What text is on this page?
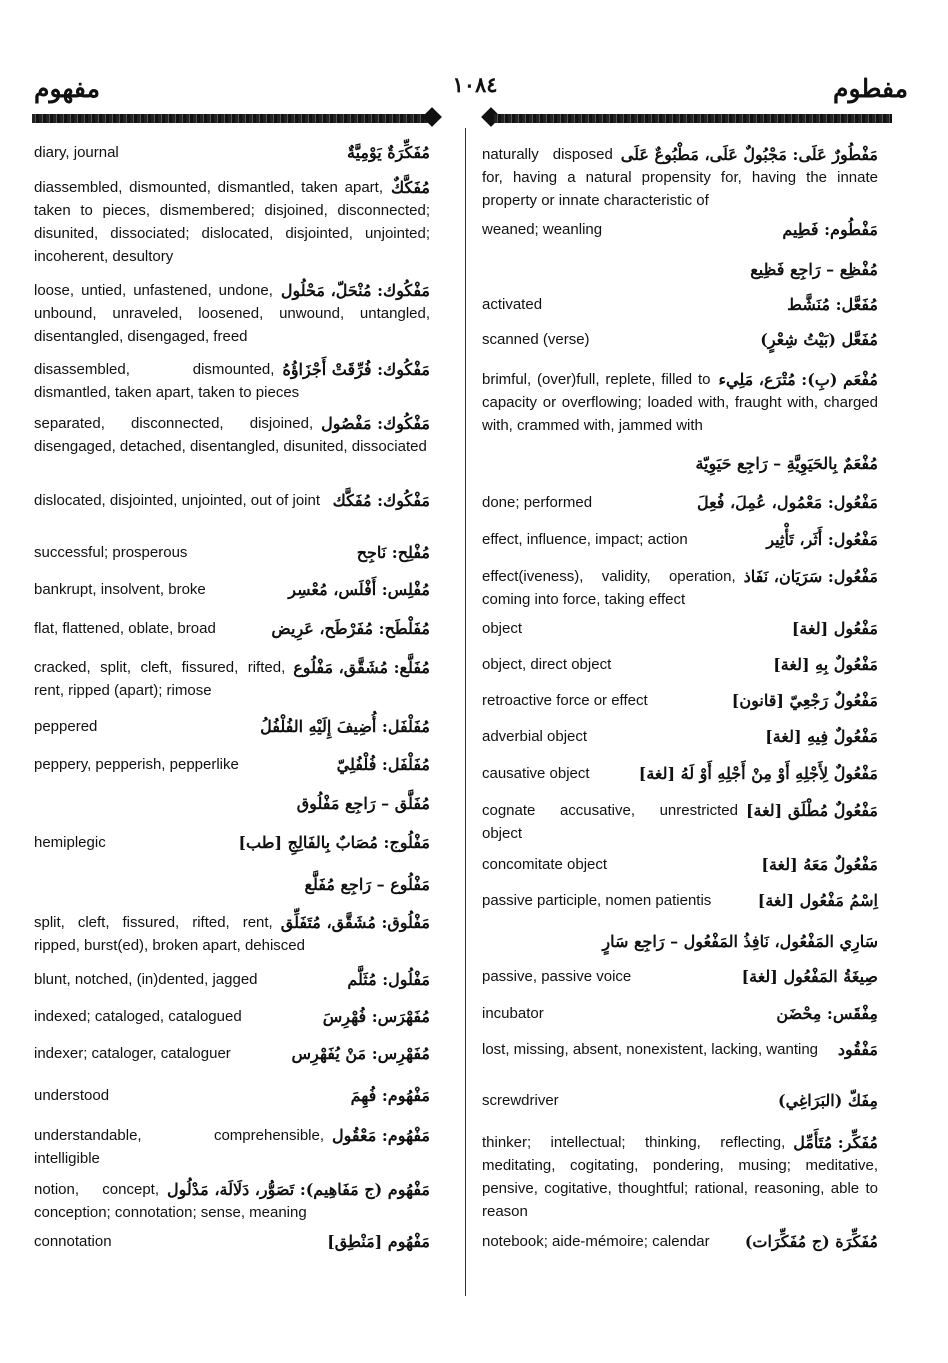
مفهوم	١٠٨٤	مفطوم
مُفَكِّرَةٌ يَوْمِيَّةٌ
diary, journal
مُفَكَّكٌ
diassembled, dismounted, dismantled, taken apart, taken to pieces, dismembered; disjoined, disconnected; disunited, dissociated; dislocated, disjointed, unjointed; incoherent, desultory
مَفْكُوك: مُنْحَلّ، مَحْلُول
loose, untied, unfastened, undone, unbound, unraveled, loosened, unwound, untangled, disentangled, disengaged, freed
مَفْكُوك: فُرِّقَتْ أَجْزَاؤُهُ
disassembled, dismounted, dismantled, taken apart, taken to pieces
مَفْكُوك: مَفْصُول
separated, disconnected, disjoined, disengaged, detached, disentangled, disunited, dissociated
مَفْكُوك: مُفَكَّك
dislocated, disjointed, unjointed, out of joint
مُفْلِح: نَاجِح
successful; prosperous
مُفْلِس: أَفْلَس، مُعْسِر
bankrupt, insolvent, broke
مُفَلْطَح: مُفَرْطَح، عَرِيض
flat, flattened, oblate, broad
مُفَلَّع: مُشَقَّق، مَفْلُوع
cracked, split, cleft, fissured, rifted, rent, ripped (apart); rimose
مُفَلْفَل: أُضِيفَ إِلَيْهِ الفُلْفُلُ
peppered
مُفَلْفَل: فُلْفُلِيّ
peppery, pepperish, pepperlike
مُفَلَّق – رَاجِع مَفْلُوق
مَفْلُوج: مُصَابٌ بِالفَالِجِ [طب]
hemiplegic
مَفْلُوع – رَاجِع مُفَلَّع
مَفْلُوق: مُشَقَّق، مُتَفَلِّق
split, cleft, fissured, rifted, rent, ripped, burst(ed), broken apart, dehisced
مَفْلُول: مُثَلَّم
blunt, notched, (in)dented, jagged
مُفَهْرَس: فُهْرِسَ
indexed; cataloged, catalogued
مُفَهْرِس: مَنْ يُفَهْرِس
indexer; cataloger, cataloguer
مَفْهُوم: فُهِمَ
understood
مَفْهُوم: مَعْقُول
understandable, comprehensible, intelligible
مَفْهُوم (ج مَفَاهِيم): تَصَوُّر، دَلَالَة، مَدْلُول
notion, concept, conception; connotation; sense, meaning
مَفْهُوم [مَنْطِق]
connotation
مَفْطُورٌ عَلَى: مَجْبُولٌ عَلَى، مَطْبُوعٌ عَلَى
naturally disposed for, having a natural propensity for, having the innate property or innate characteristic of
مَفْطُوم: فَطِيم
weaned; weanling
مُفْظِع – رَاجِع فَظِيع
مُفَعَّل: مُنَشَّط
activated
مُفَعَّل (بَيْتُ شِعْرٍ)
scanned (verse)
مُفْعَم (بِ): مُتْرَع، مَلِيء
brimful, (over)full, replete, filled to capacity or overflowing; loaded with, fraught with, charged with, crammed with, jammed with
مُفْعَمٌ بِالحَيَوِيَّةِ – رَاجِع حَيَوِيّة
مَفْعُول: مَعْمُول، عُمِلَ، فُعِلَ
done; performed
مَفْعُول: أَثَر، تَأْثِير
effect, influence, impact; action
مَفْعُول: سَرَيَان، نَفَاذ
effect(iveness), validity, operation, coming into force, taking effect
مَفْعُول [لغة]
object
مَفْعُولٌ بِهِ [لغة]
object, direct object
مَفْعُولٌ رَجْعِيّ [قانون]
retroactive force or effect
مَفْعُولٌ فِيهِ [لغة]
adverbial object
مَفْعُولٌ لِأَجْلِهِ أَوْ مِنْ أَجْلِهِ أَوْ لَهُ [لغة]
causative object
مَفْعُولٌ مُطْلَق [لغة]
cognate accusative, unrestricted object
مَفْعُولٌ مَعَهُ [لغة]
concomitate object
اِسْمُ مَفْعُول [لغة]
passive participle, nomen patientis
سَارِي المَفْعُول، نَافِذُ المَفْعُول – رَاجِع سَارٍ
صِيغَةُ المَفْعُول [لغة]
passive, passive voice
مِفْقَس: مِحْضَن
incubator
مَفْقُود
lost, missing, absent, nonexistent, lacking, wanting
مِفَكّ (البَرَاغِي)
screwdriver
مُفَكِّر: مُتَأَمِّل
thinker; intellectual; thinking, reflecting, meditating, cogitating, pondering, musing; meditative, pensive, cogitative, thoughtful; rational, reasoning, able to reason
مُفَكِّرَة (ج مُفَكِّرَات)
notebook; aide-mémoire; calendar
